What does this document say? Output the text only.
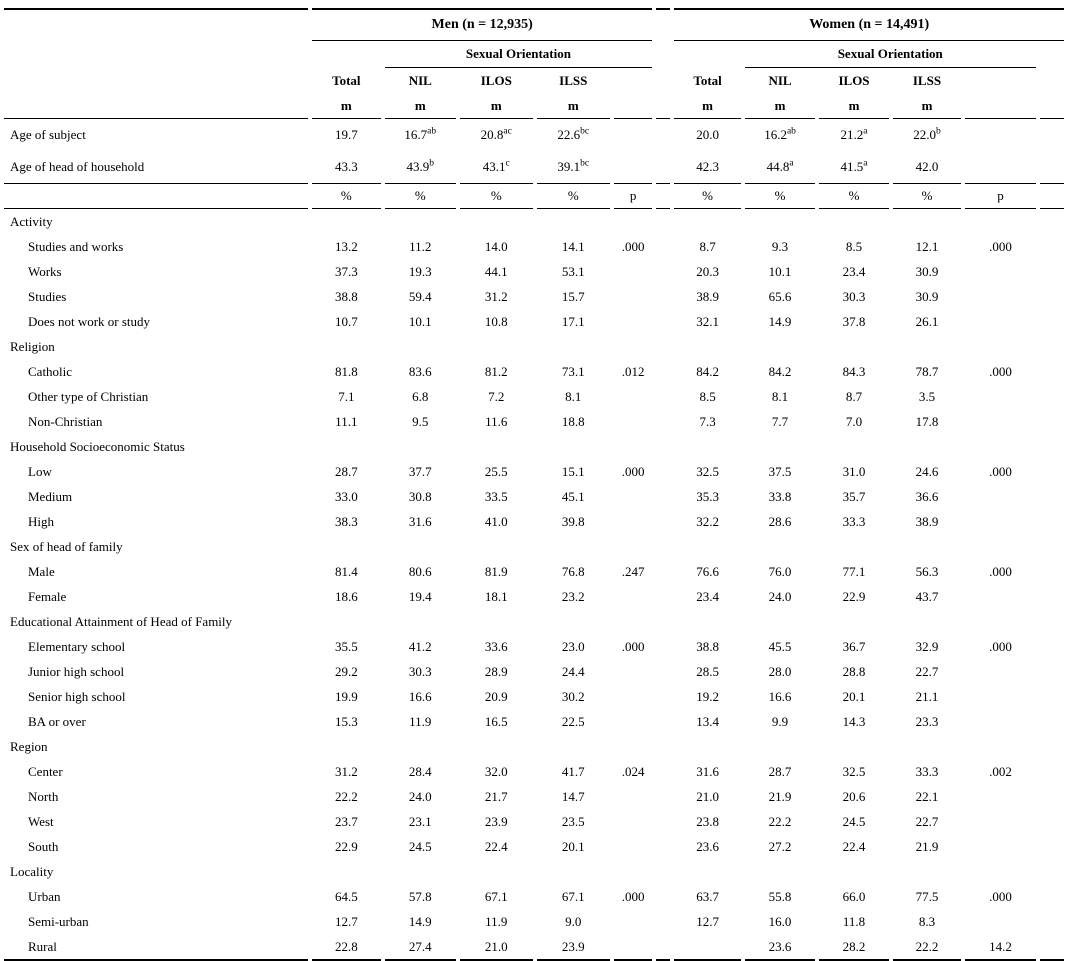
	Men (n = 12,935)						Women (n = 14,491)					
		Sexual Orientation						Sexual Orientation				
	Total	NIL	ILOS	ILSS			Total	NIL	ILOS	ILSS		
	m	m	m	m			m	m	m	m		
Age of subject	19.7	16.7$^{ab}$	20.8$^{ac}$	22.6$^{bc}$			20.0	16.2$^{ab}$	21.2$^a$	22.0$^b$		
Age of head of household	43.3	43.9$^b$	43.1$^c$	39.1$^{bc}$			42.3	44.8$^a$	41.5$^a$	42.0		
	%	%	%	%	p		%	%	%	%	p	
Activity												
Studies and works	13.2	11.2	14.0	14.1	.000		8.7	9.3	8.5	12.1	.000	
Works	37.3	19.3	44.1	53.1			20.3	10.1	23.4	30.9		
Studies	38.8	59.4	31.2	15.7			38.9	65.6	30.3	30.9		
Does not work or study	10.7	10.1	10.8	17.1			32.1	14.9	37.8	26.1		
Religion												
Catholic	81.8	83.6	81.2	73.1	.012		84.2	84.2	84.3	78.7	.000	
Other type of Christian	7.1	6.8	7.2	8.1			8.5	8.1	8.7	3.5		
Non-Christian	11.1	9.5	11.6	18.8			7.3	7.7	7.0	17.8		
Household Socioeconomic Status												
Low	28.7	37.7	25.5	15.1	.000		32.5	37.5	31.0	24.6	.000	
Medium	33.0	30.8	33.5	45.1			35.3	33.8	35.7	36.6		
High	38.3	31.6	41.0	39.8			32.2	28.6	33.3	38.9		
Sex of head of family												
Male	81.4	80.6	81.9	76.8	.247		76.6	76.0	77.1	56.3	.000	
Female	18.6	19.4	18.1	23.2			23.4	24.0	22.9	43.7		
Educational Attainment of Head of Family												
Elementary school	35.5	41.2	33.6	23.0	.000		38.8	45.5	36.7	32.9	.000	
Junior high school	29.2	30.3	28.9	24.4			28.5	28.0	28.8	22.7		
Senior high school	19.9	16.6	20.9	30.2			19.2	16.6	20.1	21.1		
BA or over	15.3	11.9	16.5	22.5			13.4	9.9	14.3	23.3		
Region												
Center	31.2	28.4	32.0	41.7	.024		31.6	28.7	32.5	33.3	.002	
North	22.2	24.0	21.7	14.7			21.0	21.9	20.6	22.1		
West	23.7	23.1	23.9	23.5			23.8	22.2	24.5	22.7		
South	22.9	24.5	22.4	20.1			23.6	27.2	22.4	21.9		
Locality												
Urban	64.5	57.8	67.1	67.1	.000		63.7	55.8	66.0	77.5	.000	
Semi-urban	12.7	14.9	11.9	9.0			12.7	16.0	11.8	8.3		
Rural	22.8	27.4	21.0	23.9				23.6	28.2	22.2	14.2	
